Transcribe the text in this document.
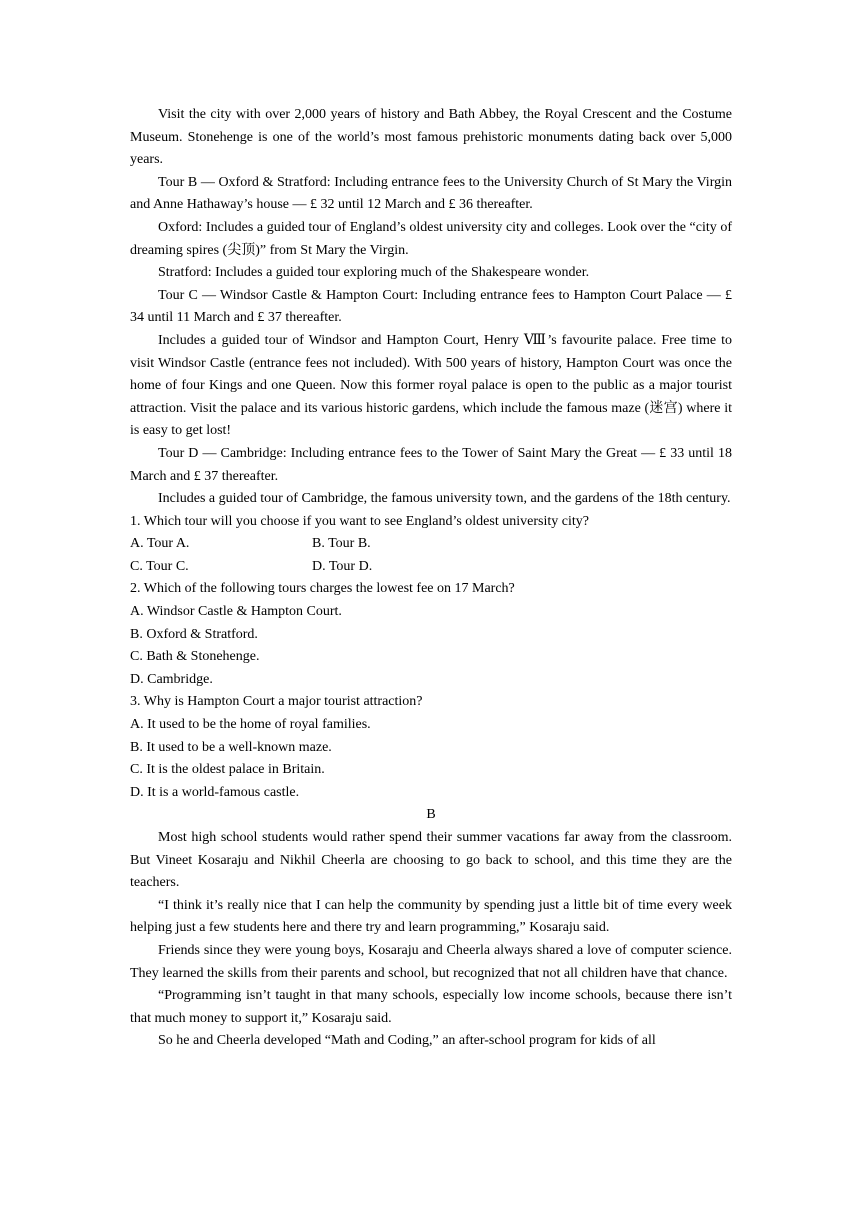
Visit the city with over 2,000 years of history and Bath Abbey, the Royal Crescent and the Costume Museum. Stonehenge is one of the world’s most famous prehistoric monuments dating back over 5,000 years.

Tour B — Oxford & Stratford: Including entrance fees to the University Church of St Mary the Virgin and Anne Hathaway’s house — £ 32 until 12 March and £ 36 thereafter.

Oxford: Includes a guided tour of England’s oldest university city and colleges. Look over the “city of dreaming spires (尖顶)” from St Mary the Virgin.

Stratford: Includes a guided tour exploring much of the Shakespeare wonder.

Tour C — Windsor Castle & Hampton Court: Including entrance fees to Hampton Court Palace — £ 34 until 11 March and £ 37 thereafter.

Includes a guided tour of Windsor and Hampton Court, Henry Ⅷ’s favourite palace. Free time to visit Windsor Castle (entrance fees not included). With 500 years of history, Hampton Court was once the home of four Kings and one Queen. Now this former royal palace is open to the public as a major tourist attraction. Visit the palace and its various historic gardens, which include the famous maze (迷宫) where it is easy to get lost!

Tour D — Cambridge: Including entrance fees to the Tower of Saint Mary the Great — £ 33 until 18 March and £ 37 thereafter.

Includes a guided tour of Cambridge, the famous university town, and the gardens of the 18th century.

1. Which tour will you choose if you want to see England’s oldest university city?

A. Tour A.	B. Tour B.
C. Tour C.	D. Tour D.

2. Which of the following tours charges the lowest fee on 17 March?

A. Windsor Castle & Hampton Court.

B. Oxford & Stratford.

C. Bath & Stonehenge.

D. Cambridge.

3. Why is Hampton Court a major tourist attraction?

A. It used to be the home of royal families.

B. It used to be a well-known maze.

C. It is the oldest palace in Britain.

D. It is a world-famous castle.

B

Most high school students would rather spend their summer vacations far away from the classroom. But Vineet Kosaraju and Nikhil Cheerla are choosing to go back to school, and this time they are the teachers.

“I think it’s really nice that I can help the community by spending just a little bit of time every week helping just a few students here and there try and learn programming,” Kosaraju said.

Friends since they were young boys, Kosaraju and Cheerla always shared a love of computer science. They learned the skills from their parents and school, but recognized that not all children have that chance.

“Programming isn’t taught in that many schools, especially low income schools, because there isn’t that much money to support it,” Kosaraju said.

So he and Cheerla developed “Math and Coding,” an after-school program for kids of all
